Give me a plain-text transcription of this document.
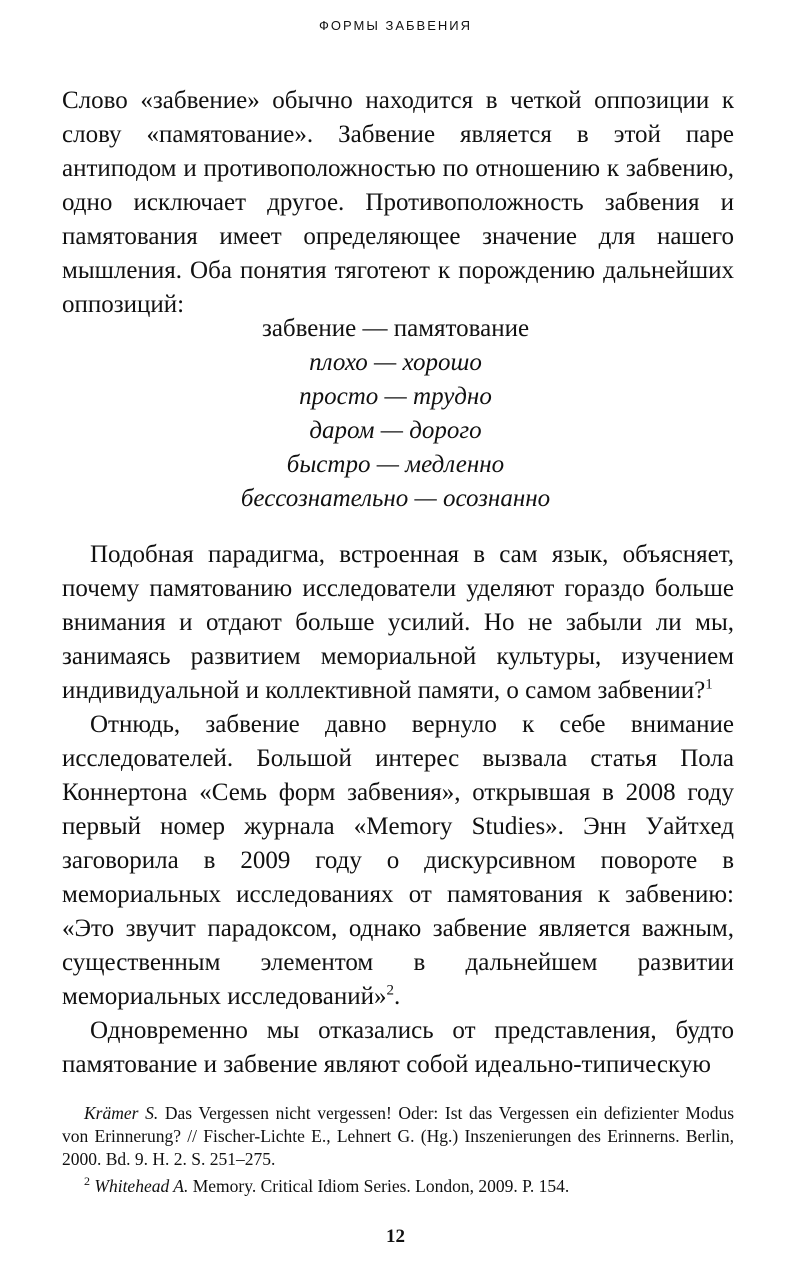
ФОРМЫ ЗАБВЕНИЯ

Слово «забвение» обычно находится в четкой оппозиции к слову «памятование». Забвение является в этой паре антиподом и противоположностью по отношению к забвению, одно исключает другое. Противоположность забвения и памятования имеет определяющее значение для нашего мышления. Оба понятия тяготеют к порождению дальнейших оппозиций:

забвение — памятование
плохо — хорошо
просто — трудно
даром — дорого
быстро — медленно
бессознательно — осознанно

Подобная парадигма, встроенная в сам язык, объясняет, почему памятованию исследователи уделяют гораздо больше внимания и отдают больше усилий. Но не забыли ли мы, занимаясь развитием мемориальной культуры, изучением индивидуальной и коллективной памяти, о самом забвении?$^1$

Отнюдь, забвение давно вернуло к себе внимание исследователей. Большой интерес вызвала статья Пола Коннертона «Семь форм забвения», открывшая в 2008 году первый номер журнала «Memory Studies». Энн Уайтхед заговорила в 2009 году о дискурсивном повороте в мемориальных исследованиях от памятования к забвению: «Это звучит парадоксом, однако забвение является важным, существенным элементом в дальнейшем развитии мемориальных исследований»$^2$.

Одновременно мы отказались от представления, будто памятование и забвение являют собой идеально-типическую

Krämer S. Das Vergessen nicht vergessen! Oder: Ist das Vergessen ein defizienter Modus von Erinnerung? // Fischer-Lichte E., Lehnert G. (Hg.) Inszenierungen des Erinnerns. Berlin, 2000. Bd. 9. H. 2. S. 251–275.

$^2$ Whitehead A. Memory. Critical Idiom Series. London, 2009. P. 154.

12
